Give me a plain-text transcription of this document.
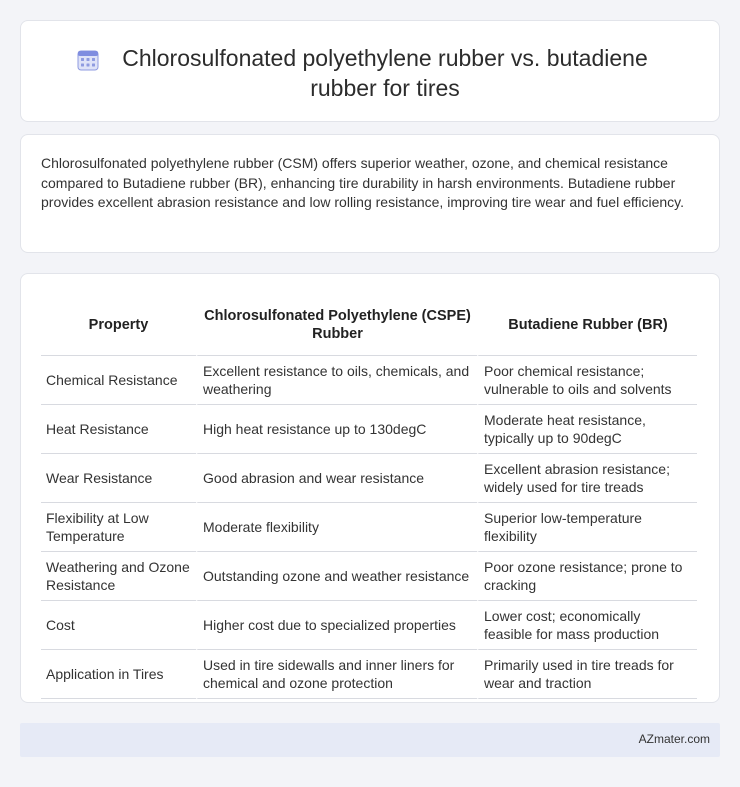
Chlorosulfonated polyethylene rubber vs. butadiene rubber for tires

Chlorosulfonated polyethylene rubber (CSM) offers superior weather, ozone, and chemical resistance compared to Butadiene rubber (BR), enhancing tire durability in harsh environments. Butadiene rubber provides excellent abrasion resistance and low rolling resistance, improving tire wear and fuel efficiency.

Property	Chlorosulfonated Polyethylene (CSPE) Rubber	Butadiene Rubber (BR)
Chemical Resistance	Excellent resistance to oils, chemicals, and weathering	Poor chemical resistance; vulnerable to oils and solvents
Heat Resistance	High heat resistance up to 130degC	Moderate heat resistance, typically up to 90degC
Wear Resistance	Good abrasion and wear resistance	Excellent abrasion resistance; widely used for tire treads
Flexibility at Low Temperature	Moderate flexibility	Superior low-temperature flexibility
Weathering and Ozone Resistance	Outstanding ozone and weather resistance	Poor ozone resistance; prone to cracking
Cost	Higher cost due to specialized properties	Lower cost; economically feasible for mass production
Application in Tires	Used in tire sidewalls and inner liners for chemical and ozone protection	Primarily used in tire treads for wear and traction
AZmater.com
